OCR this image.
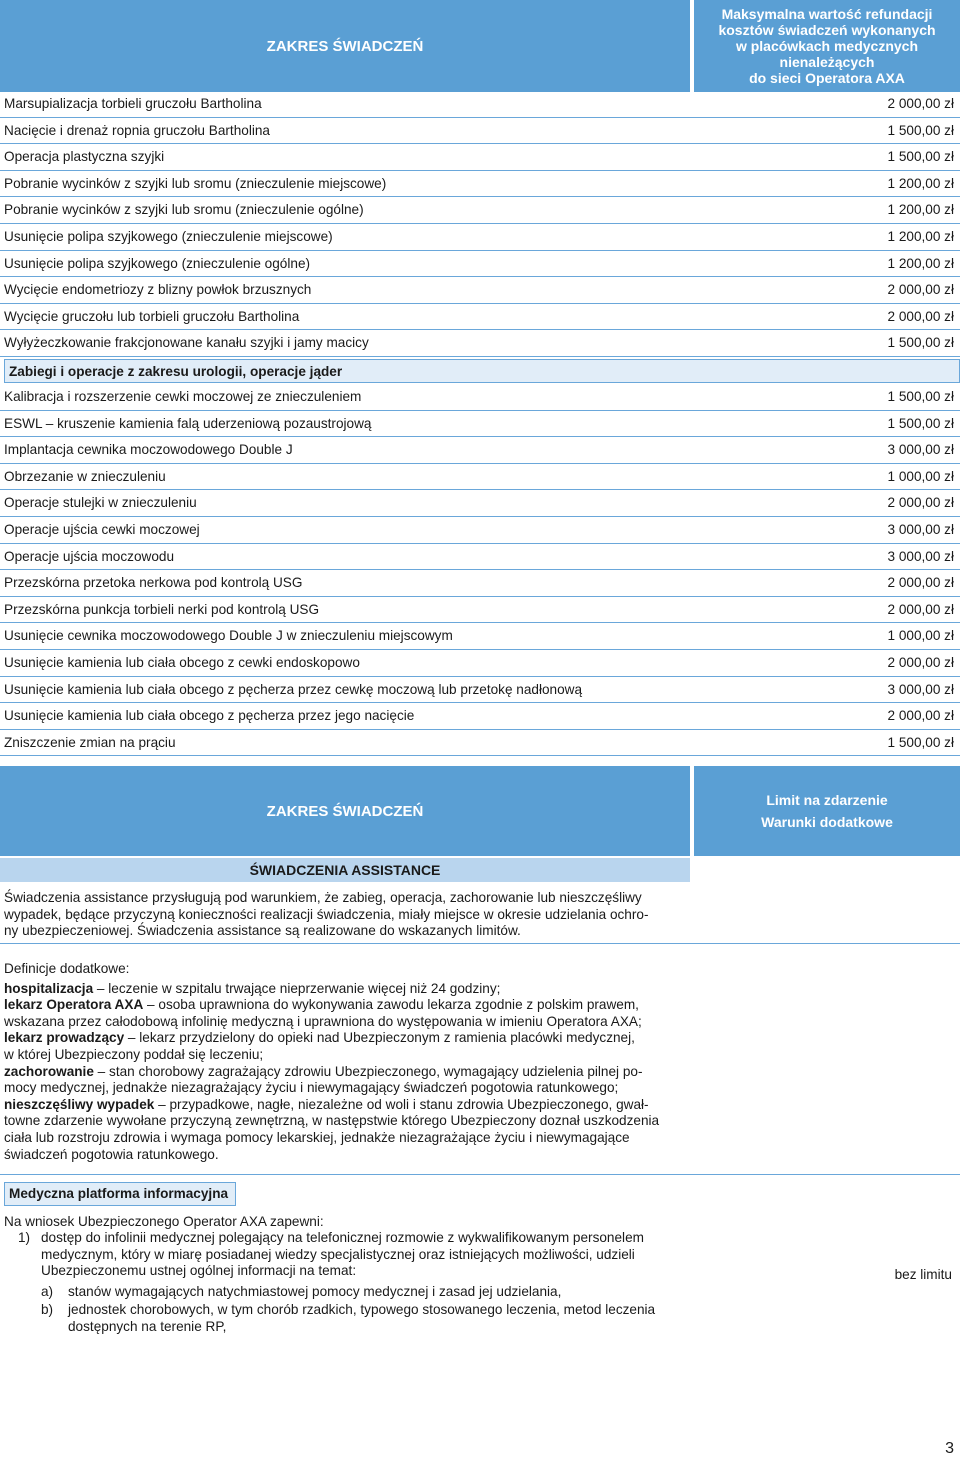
ZAKRES ŚWIADCZEŃ
Maksymalna wartość refundacji
kosztów świadczeń wykonanych
w placówkach medycznych
nienależących
do sieci Operatora AXA
Marsupializacja torbieli gruczołu Bartholina	2 000,00 zł
Nacięcie i drenaż ropnia gruczołu Bartholina	1 500,00 zł
Operacja plastyczna szyjki	1 500,00 zł
Pobranie wycinków z szyjki lub sromu (znieczulenie miejscowe)	1 200,00 zł
Pobranie wycinków z szyjki lub sromu (znieczulenie ogólne)	1 200,00 zł
Usunięcie polipa szyjkowego (znieczulenie miejscowe)	1 200,00 zł
Usunięcie polipa szyjkowego (znieczulenie ogólne)	1 200,00 zł
Wycięcie endometriozy z blizny powłok brzusznych	2 000,00 zł
Wycięcie gruczołu lub torbieli gruczołu Bartholina	2 000,00 zł
Wyłyżeczkowanie frakcjonowane kanału szyjki i jamy macicy	1 500,00 zł
Zabiegi i operacje z zakresu urologii, operacje jąder
Kalibracja i rozszerzenie cewki moczowej ze znieczuleniem	1 500,00 zł
ESWL – kruszenie kamienia falą uderzeniową pozaustrojową	1 500,00 zł
Implantacja cewnika moczowodowego Double J	3 000,00 zł
Obrzezanie w znieczuleniu	1 000,00 zł
Operacje stulejki w znieczuleniu	2 000,00 zł
Operacje ujścia cewki moczowej	3 000,00 zł
Operacje ujścia moczowodu	3 000,00 zł
Przezskórna przetoka nerkowa pod kontrolą USG	2 000,00 zł
Przezskórna punkcja torbieli nerki pod kontrolą USG	2 000,00 zł
Usunięcie cewnika moczowodowego Double J w znieczuleniu miejscowym	1 000,00 zł
Usunięcie kamienia lub ciała obcego z cewki endoskopowo	2 000,00 zł
Usunięcie kamienia lub ciała obcego z pęcherza przez cewkę moczową lub przetokę nadłonową	3 000,00 zł
Usunięcie kamienia lub ciała obcego z pęcherza przez jego nacięcie	2 000,00 zł
Zniszczenie zmian na prąciu	1 500,00 zł
ZAKRES ŚWIADCZEŃ
Limit na zdarzenie
Warunki dodatkowe
ŚWIADCZENIA ASSISTANCE
Świadczenia assistance przysługują pod warunkiem, że zabieg, operacja, zachorowanie lub nieszczęśliwy
wypadek, będące przyczyną konieczności realizacji świadczenia, miały miejsce w okresie udzielania ochro-
ny ubezpieczeniowej. Świadczenia assistance są realizowane do wskazanych limitów.
Definicje dodatkowe:
hospitalizacja – leczenie w szpitalu trwające nieprzerwanie więcej niż 24 godziny;
lekarz Operatora AXA – osoba uprawniona do wykonywania zawodu lekarza zgodnie z polskim prawem,
wskazana przez całodobową infolinię medyczną i uprawniona do występowania w imieniu Operatora AXA;
lekarz prowadzący – lekarz przydzielony do opieki nad Ubezpieczonym z ramienia placówki medycznej,
w której Ubezpieczony poddał się leczeniu;
zachorowanie – stan chorobowy zagrażający zdrowiu Ubezpieczonego, wymagający udzielenia pilnej po-
mocy medycznej, jednakże niezagrażający życiu i niewymagający świadczeń pogotowia ratunkowego;
nieszczęśliwy wypadek – przypadkowe, nagłe, niezależne od woli i stanu zdrowia Ubezpieczonego, gwał-
towne zdarzenie wywołane przyczyną zewnętrzną, w następstwie którego Ubezpieczony doznał uszkodzenia
ciała lub rozstroju zdrowia i wymaga pomocy lekarskiej, jednakże niezagrażające życiu i niewymagające
świadczeń pogotowia ratunkowego.
Medyczna platforma informacyjna
Na wniosek Ubezpieczonego Operator AXA zapewni:
1) dostęp do infolinii medycznej polegający na telefonicznej rozmowie z wykwalifikowanym personelem
medycznym, który w miarę posiadanej wiedzy specjalistycznej oraz istniejących możliwości, udzieli
Ubezpieczonemu ustnej ogólnej informacji na temat:
a) stanów wymagających natychmiastowej pomocy medycznej i zasad jej udzielania,
b) jednostek chorobowych, w tym chorób rzadkich, typowego stosowanego leczenia, metod leczenia
dostępnych na terenie RP,
bez limitu
3
